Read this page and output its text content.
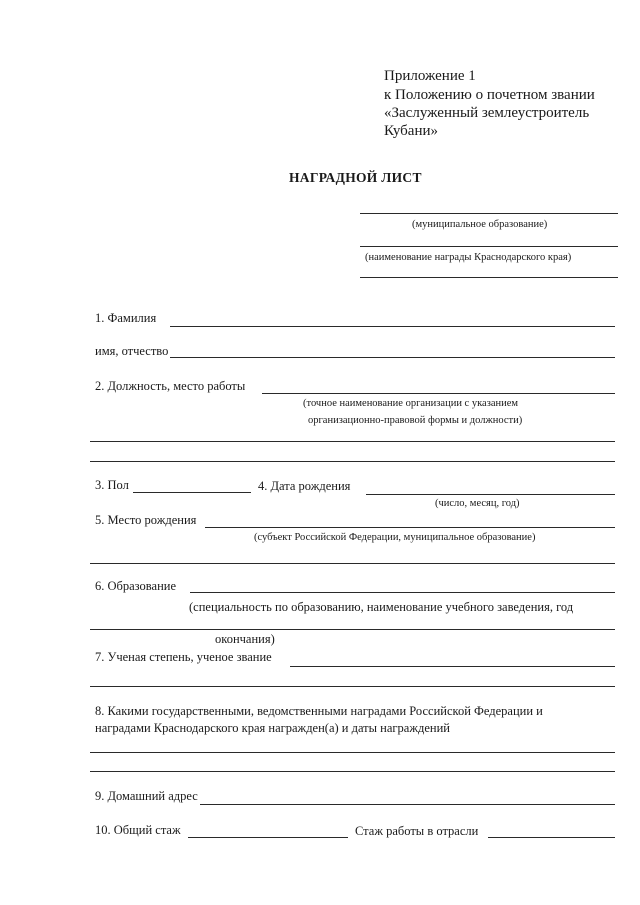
Приложение 1
к Положению о почетном звании
«Заслуженный землеустроитель
Кубани»
НАГРАДНОЙ ЛИСТ
(муниципальное образование)
(наименование награды Краснодарского края)
1. Фамилия
имя, отчество
2. Должность, место работы
(точное наименование организации с указанием
организационно-правовой формы и должности)
3. Пол	4. Дата рождения
(число, месяц, год)
5. Место рождения
(субъект Российской Федерации, муниципальное образование)
6. Образование
(специальность по образованию, наименование учебного заведения, год
окончания)
7. Ученая степень, ученое звание
8. Какими государственными, ведомственными наградами Российской Федерации и
наградами Краснодарского края награжден(а) и даты награждений
9. Домашний адрес
10. Общий стаж	Стаж работы в отрасли
